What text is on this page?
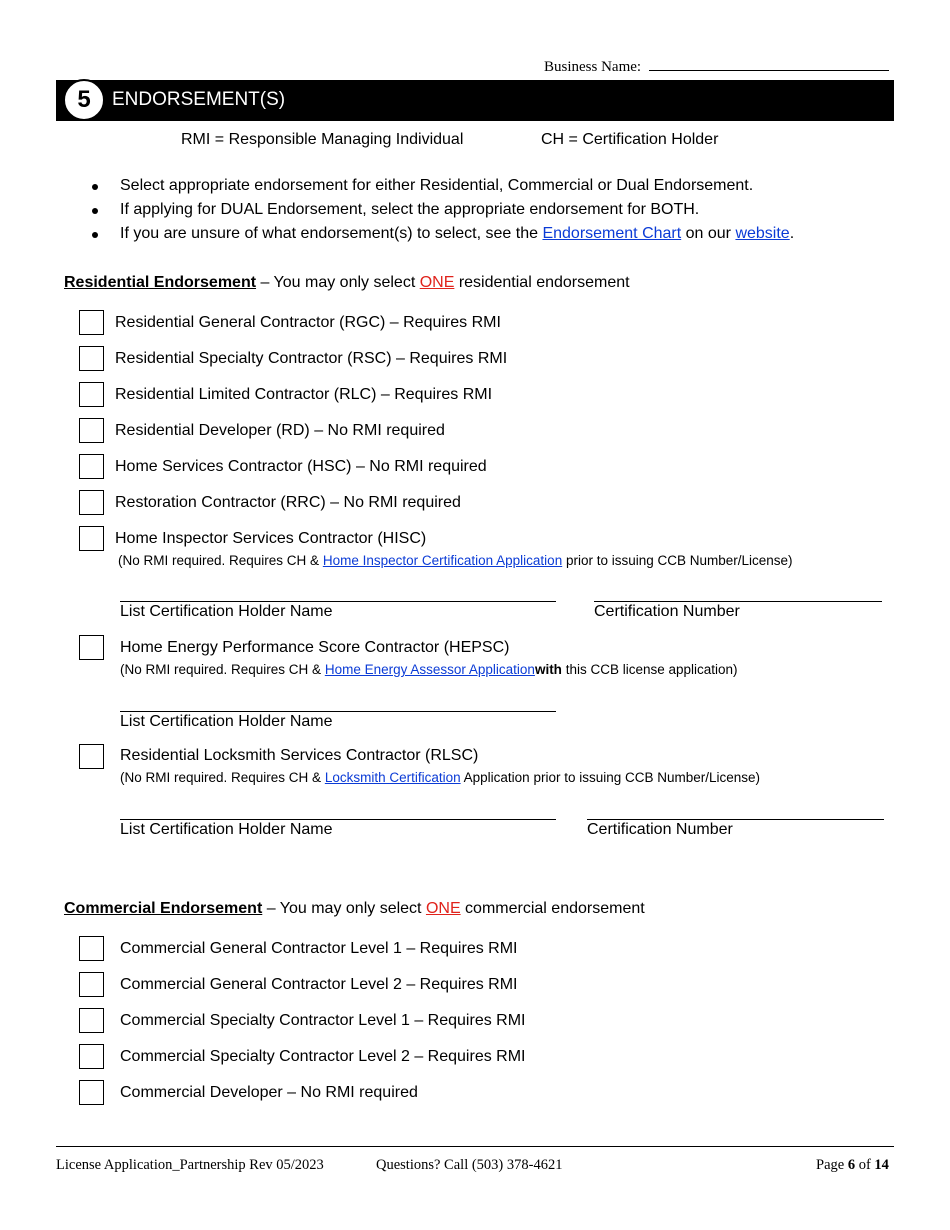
Business Name:
5	ENDORSEMENT(S)
RMI = Responsible Managing Individual	CH = Certification Holder
Select appropriate endorsement for either Residential, Commercial or Dual Endorsement.
If applying for DUAL Endorsement, select the appropriate endorsement for BOTH.
If you are unsure of what endorsement(s) to select, see the Endorsement Chart on our website.
Residential Endorsement – You may only select ONE residential endorsement
Residential General Contractor (RGC) – Requires RMI
Residential Specialty Contractor (RSC) – Requires RMI
Residential Limited Contractor (RLC) – Requires RMI
Residential Developer (RD) – No RMI required
Home Services Contractor (HSC) – No RMI required
Restoration Contractor (RRC) – No RMI required
Home Inspector Services Contractor (HISC)
(No RMI required. Requires CH & Home Inspector Certification Application prior to issuing CCB Number/License)
List Certification Holder Name	Certification Number
Home Energy Performance Score Contractor (HEPSC)
(No RMI required. Requires CH & Home Energy Assessor Applicationwith this CCB license application)
List Certification Holder Name
Residential Locksmith Services Contractor (RLSC)
(No RMI required. Requires CH & Locksmith Certification Application prior to issuing CCB Number/License)
List Certification Holder Name	Certification Number
Commercial Endorsement – You may only select ONE commercial endorsement
Commercial General Contractor Level 1 – Requires RMI
Commercial General Contractor Level 2 – Requires RMI
Commercial Specialty Contractor Level 1 – Requires RMI
Commercial Specialty Contractor Level 2 – Requires RMI
Commercial Developer – No RMI required
License Application_Partnership Rev 05/2023	Questions? Call (503) 378-4621	Page 6 of 14
